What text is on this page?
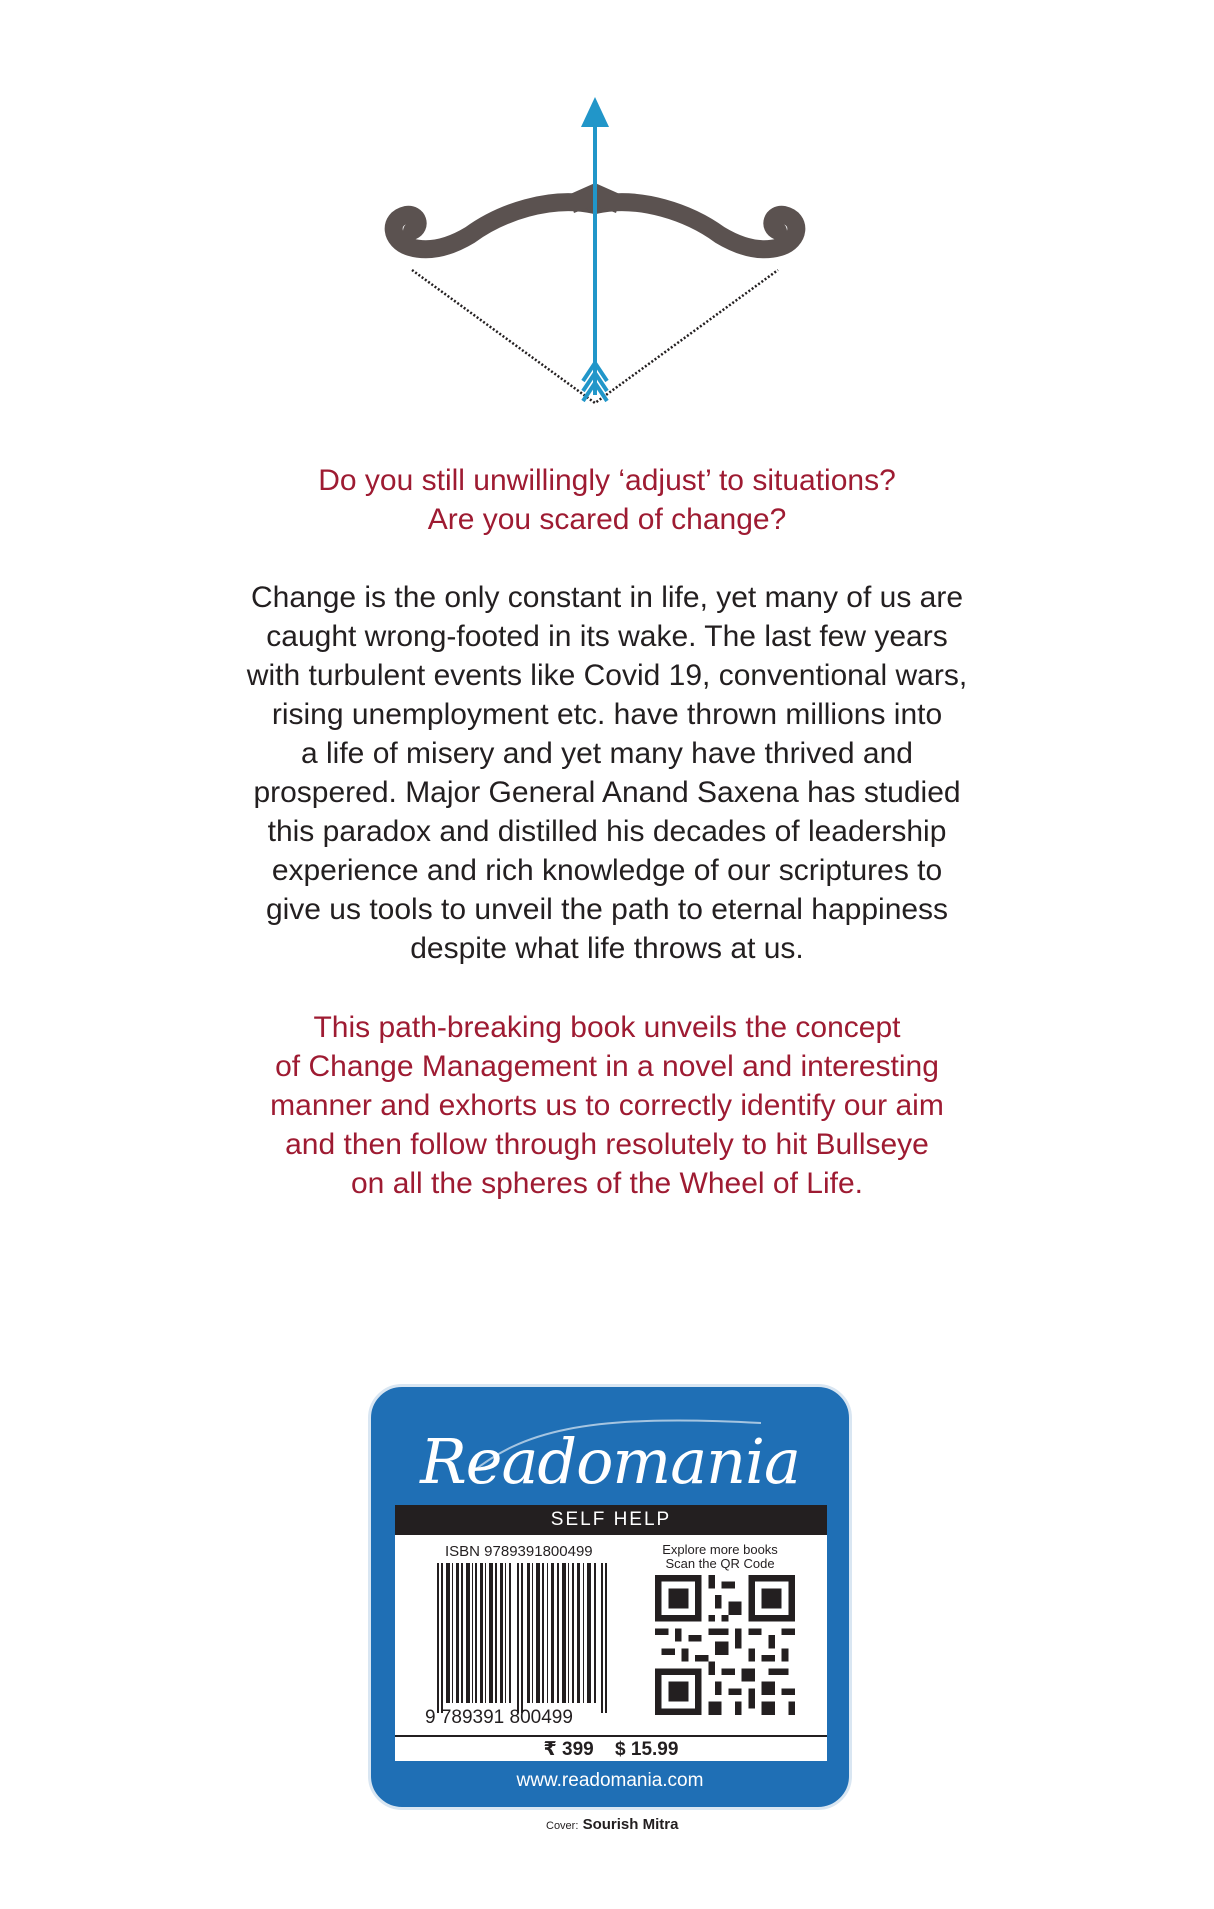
Do you still unwillingly ‘adjust’ to situations?
Are you scared of change?
Change is the only constant in life, yet many of us are
caught wrong-footed in its wake. The last few years
with turbulent events like Covid 19, conventional wars,
rising unemployment etc. have thrown millions into
a life of misery and yet many have thrived and
prospered. Major General Anand Saxena has studied
this paradox and distilled his decades of leadership
experience and rich knowledge of our scriptures to
give us tools to unveil the path to eternal happiness
despite what life throws at us.
This path-breaking book unveils the concept
of Change Management in a novel and interesting
manner and exhorts us to correctly identify our aim
and then follow through resolutely to hit Bullseye
on all the spheres of the Wheel of Life.
Readomania
SELF HELP
ISBN 9789391800499
9 789391 800499
Explore more books
Scan the QR Code
₹ 399 $ 15.99
www.readomania.com
Cover: Sourish Mitra
